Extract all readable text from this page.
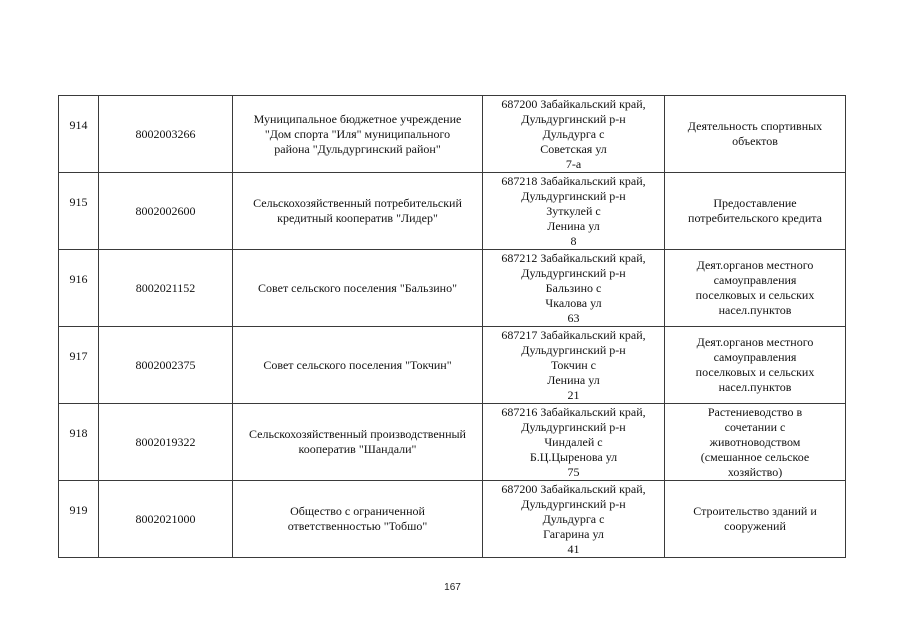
914	8002003266	Муниципальное бюджетное учреждение
"Дом спорта "Иля" муниципального
района "Дульдургинский район"	687200 Забайкальский край,
Дульдургинский р-н
Дульдурга с
Советская ул
7-а	Деятельность спортивных
объектов
915	8002002600	Сельскохозяйственный потребительский
кредитный кооператив "Лидер"	687218 Забайкальский край,
Дульдургинский р-н
Зуткулей с
Ленина ул
8	Предоставление
потребительского кредита
916	8002021152	Совет сельского поселения "Бальзино"	687212 Забайкальский край,
Дульдургинский р-н
Бальзино с
Чкалова ул
63	Деят.органов местного
самоуправления
поселковых и сельских
насел.пунктов
917	8002002375	Совет сельского поселения "Токчин"	687217 Забайкальский край,
Дульдургинский р-н
Токчин с
Ленина ул
21	Деят.органов местного
самоуправления
поселковых и сельских
насел.пунктов
918	8002019322	Сельскохозяйственный производственный
кооператив "Шандали"	687216 Забайкальский край,
Дульдургинский р-н
Чиндалей с
Б.Ц.Цыренова ул
75	Растениеводство в
сочетании с
животноводством
(смешанное сельское
хозяйство)
919	8002021000	Общество с ограниченной
ответственностью "Тобшо"	687200 Забайкальский край,
Дульдургинский р-н
Дульдурга с
Гагарина ул
41	Строительство зданий и
сооружений
167
